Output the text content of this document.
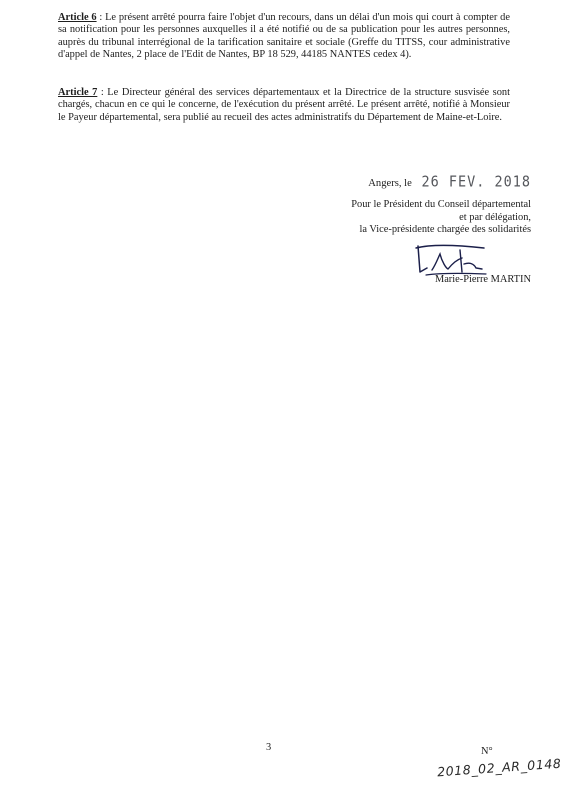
Article 6 : Le présent arrêté pourra faire l'objet d'un recours, dans un délai d'un mois qui court à compter de sa notification pour les personnes auxquelles il a été notifié ou de sa publication pour les autres personnes, auprès du tribunal interrégional de la tarification sanitaire et sociale (Greffe du TITSS, cour administrative d'appel de Nantes, 2 place de l'Edit de Nantes, BP 18 529, 44185 NANTES cedex 4).
Article 7 : Le Directeur général des services départementaux et la Directrice de la structure susvisée sont chargés, chacun en ce qui le concerne, de l'exécution du présent arrêté. Le présent arrêté, notifié à Monsieur le Payeur départemental, sera publié au recueil des actes administratifs du Département de Maine-et-Loire.
Angers, le 26 FEV. 2018
Pour le Président du Conseil départemental
et par délégation,
la Vice-présidente chargée des solidarités
Marie-Pierre MARTIN
3	N°
2018_02_AR_0148
